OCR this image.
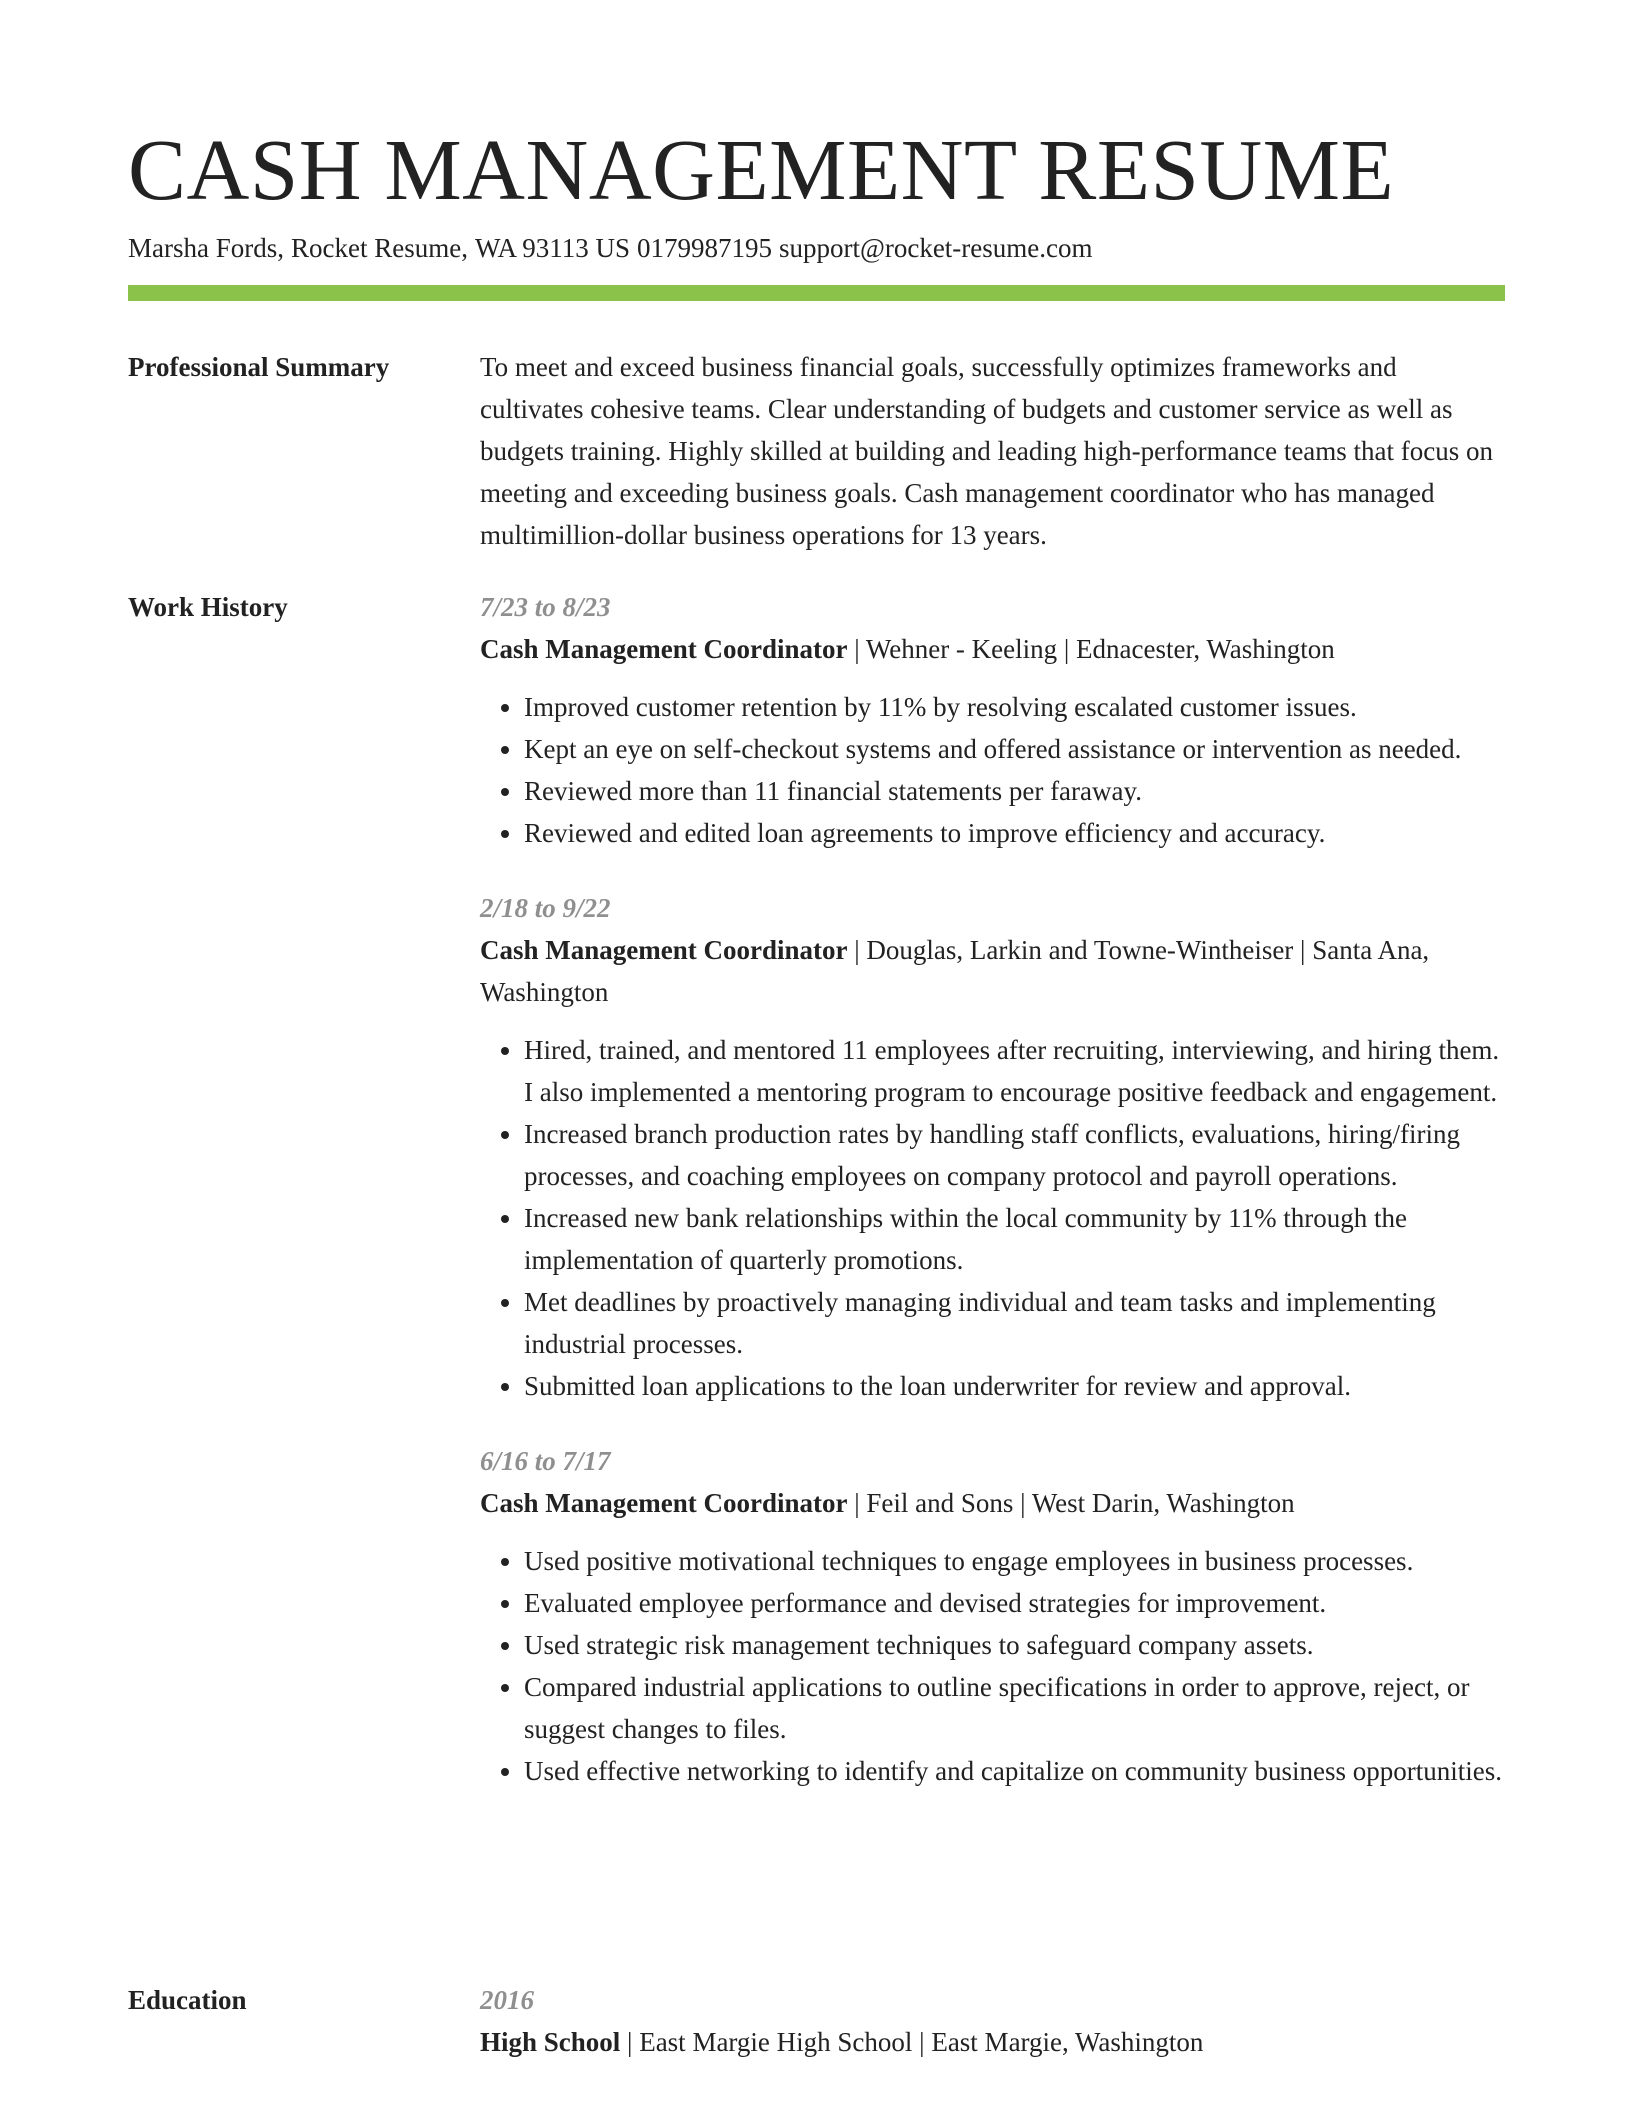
CASH MANAGEMENT RESUME
Marsha Fords, Rocket Resume, WA 93113 US 0179987195 support@rocket-resume.com
Professional Summary	To meet and exceed business financial goals, successfully optimizes frameworks and cultivates cohesive teams. Clear understanding of budgets and customer service as well as budgets training. Highly skilled at building and leading high-performance teams that focus on meeting and exceeding business goals. Cash management coordinator who has managed multimillion-dollar business operations for 13 years.

Work History	7/23 to 8/23
Cash Management Coordinator | Wehner - Keeling | Ednacester, Washington
• Improved customer retention by 11% by resolving escalated customer issues.
• Kept an eye on self-checkout systems and offered assistance or intervention as needed.
• Reviewed more than 11 financial statements per faraway.
• Reviewed and edited loan agreements to improve efficiency and accuracy.
2/18 to 9/22
Cash Management Coordinator | Douglas, Larkin and Towne-Wintheiser | Santa Ana, Washington
• Hired, trained, and mentored 11 employees after recruiting, interviewing, and hiring them. I also implemented a mentoring program to encourage positive feedback and engagement.
• Increased branch production rates by handling staff conflicts, evaluations, hiring/firing processes, and coaching employees on company protocol and payroll operations.
• Increased new bank relationships within the local community by 11% through the implementation of quarterly promotions.
• Met deadlines by proactively managing individual and team tasks and implementing industrial processes.
• Submitted loan applications to the loan underwriter for review and approval.
6/16 to 7/17
Cash Management Coordinator | Feil and Sons | West Darin, Washington
• Used positive motivational techniques to engage employees in business processes.
• Evaluated employee performance and devised strategies for improvement.
• Used strategic risk management techniques to safeguard company assets.
• Compared industrial applications to outline specifications in order to approve, reject, or suggest changes to files.
• Used effective networking to identify and capitalize on community business opportunities.
Education	2016
High School | East Margie High School | East Margie, Washington
